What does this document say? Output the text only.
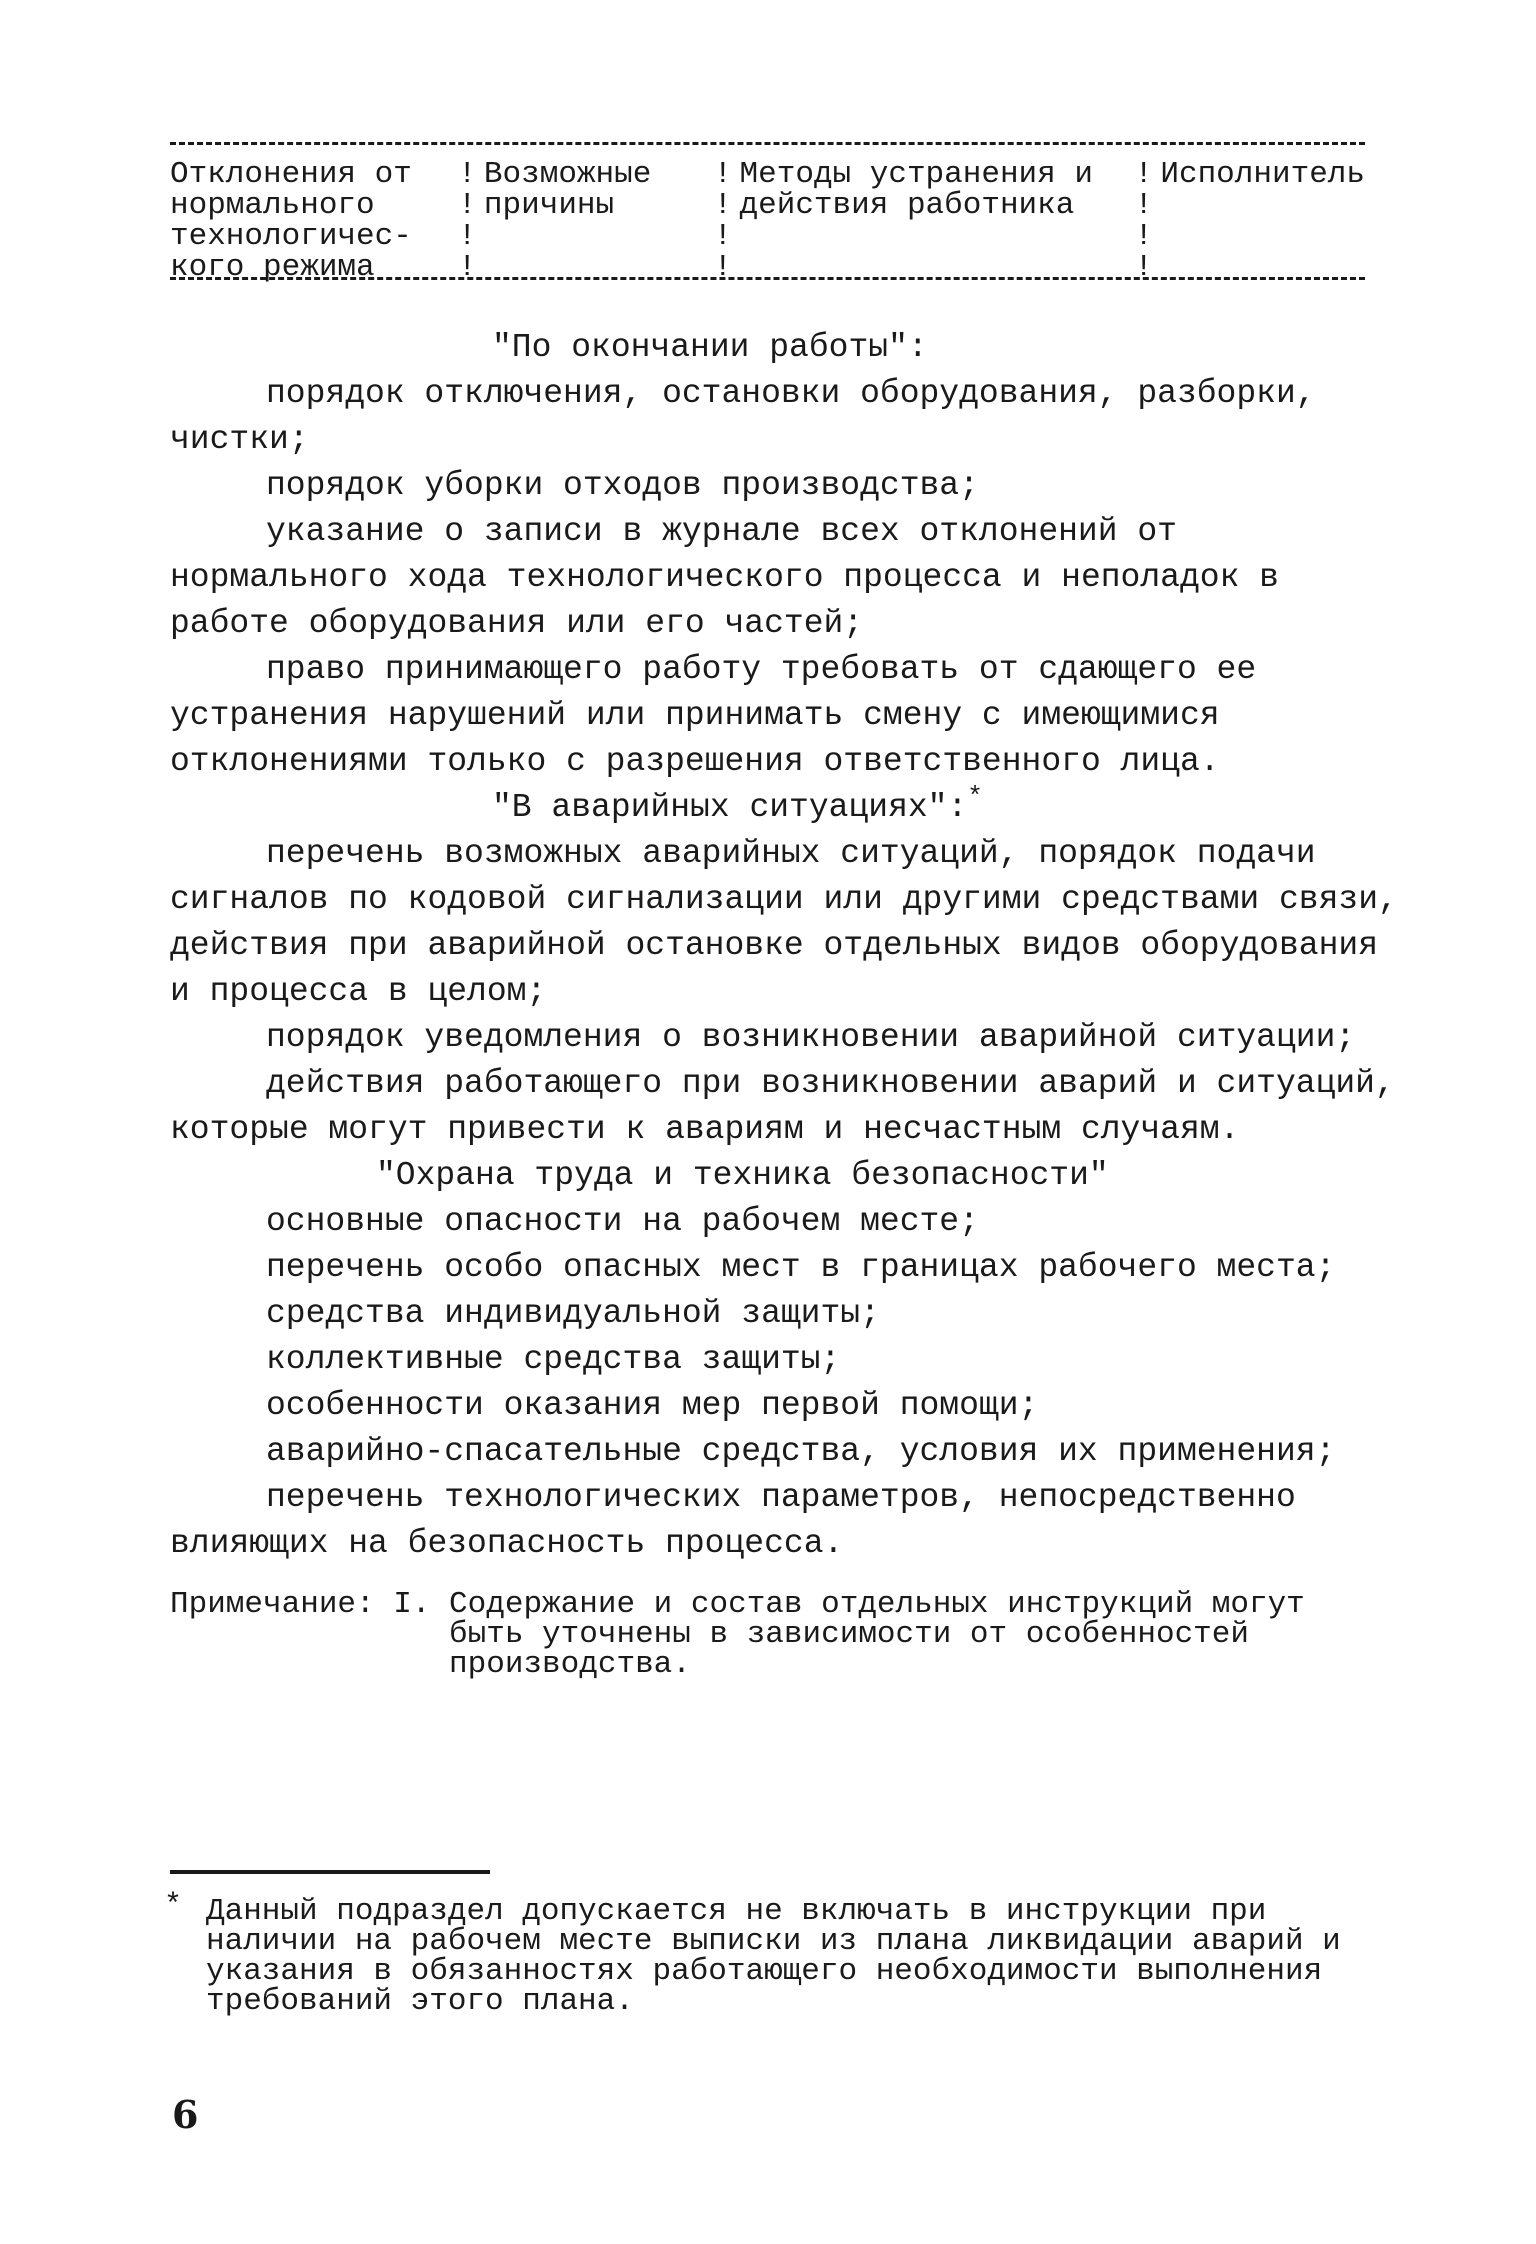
Отклонения от
нормального
технологичес-
кого режима
! ! ! ! Возможные
причины
! ! ! ! Методы устранения и
действия работника
! ! ! ! Исполнитель

"По окончании работы":

порядок отключения, остановки оборудования, разборки, чистки;

порядок уборки отходов производства;

указание о записи в журнале всех отклонений от нормального хода технологического процесса и неполадок в работе оборудования или его частей;

право принимающего работу требовать от сдающего ее устранения нарушений или принимать смену с имеющимися отклонениями только с разрешения ответственного лица.

"В аварийных ситуациях":*

перечень возможных аварийных ситуаций, порядок подачи сигналов по кодовой сигнализации или другими средствами связи, действия при аварийной остановке отдельных видов оборудования и процесса в целом;

порядок уведомления о возникновении аварийной ситуации;

действия работающего при возникновении аварий и ситуаций, которые могут привести к авариям и несчастным случаям.

"Охрана труда и техника безопасности"

основные опасности на рабочем месте;

перечень особо опасных мест в границах рабочего места;

средства индивидуальной защиты;

коллективные средства защиты;

особенности оказания мер первой помощи;

аварийно-спасательные средства, условия их применения;

перечень технологических параметров, непосредственно влияющих на безопасность процесса.

Примечание: I. Содержание и состав отдельных инструкций могут быть уточнены в зависимости от особенностей производства.
* Данный подраздел допускается не включать в инструкции при наличии на рабочем месте выписки из плана ликвидации аварий и указания в обязанностях работающего необходимости выполнения требований этого плана.
6
